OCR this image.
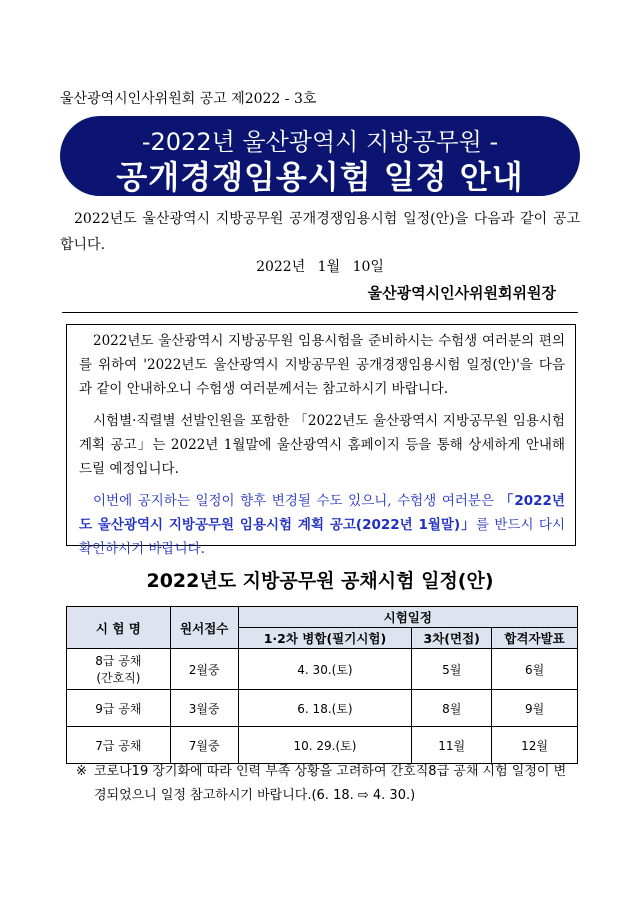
울산광역시인사위원회 공고 제2022 - 3호
-2022년 울산광역시 지방공무원 -
공개경쟁임용시험 일정 안내
2022년도 울산광역시 지방공무원 공개경쟁임용시험 일정(안)을 다음과 같이 공고 합니다.
2022년 1월 10일
울산광역시인사위원회위원장

2022년도 울산광역시 지방공무원 임용시험을 준비하시는 수험생 여러분의 편의를 위하여 '2022년도 울산광역시 지방공무원 공개경쟁임용시험 일정(안)'을 다음과 같이 안내하오니 수험생 여러분께서는 참고하시기 바랍니다.

시험별·직렬별 선발인원을 포함한 「2022년도 울산광역시 지방공무원 임용시험 계획 공고」는 2022년 1월말에 울산광역시 홈페이지 등을 통해 상세하게 안내해 드릴 예정입니다.

이번에 공지하는 일정이 향후 변경될 수도 있으니, 수험생 여러분은 「2022년도 울산광역시 지방공무원 임용시험 계획 공고(2022년 1월말)」를 반드시 다시 확인하시기 바랍니다.

2022년도 지방공무원 공채시험 일정(안)
시 험 명	원서접수	시험일정		
		1·2차 병합(필기시험)	3차(면접)	합격자발표
8급 공채
(간호직)	2월중	4. 30.(토)	5월	6월
9급 공채	3월중	6. 18.(토)	8월	9월
7급 공채	7월중	10. 29.(토)	11월	12월
※ 코로나19 장기화에 따라 인력 부족 상황을 고려하여 간호직8급 공채 시험 일정이 변경되었으니 일정 참고하시기 바랍니다.(6. 18. ⇨ 4. 30.)
